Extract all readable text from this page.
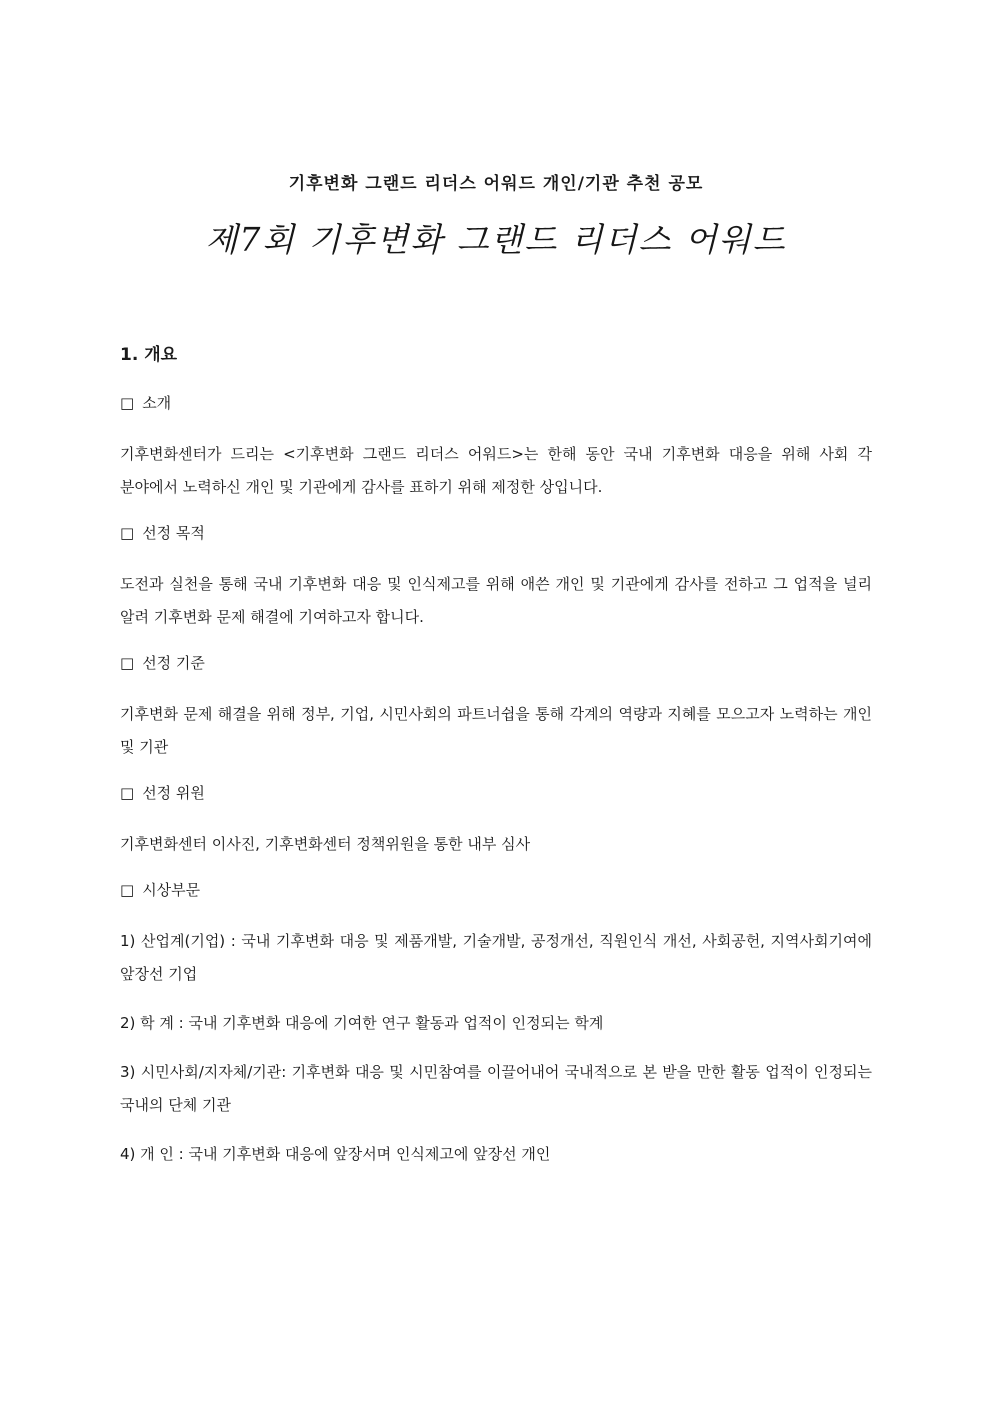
기후변화 그랜드 리더스 어워드 개인/기관 추천 공모
제7회 기후변화 그랜드 리더스 어워드
1. 개요
□ 소개

기후변화센터가 드리는 <기후변화 그랜드 리더스 어워드>는 한해 동안 국내 기후변화 대응을 위해 사회 각 분야에서 노력하신 개인 및 기관에게 감사를 표하기 위해 제정한 상입니다.

□ 선정 목적

도전과 실천을 통해 국내 기후변화 대응 및 인식제고를 위해 애쓴 개인 및 기관에게 감사를 전하고 그 업적을 널리 알려 기후변화 문제 해결에 기여하고자 합니다.

□ 선정 기준

기후변화 문제 해결을 위해 정부, 기업, 시민사회의 파트너쉽을 통해 각계의 역량과 지혜를 모으고자 노력하는 개인 및 기관

□ 선정 위원

기후변화센터 이사진, 기후변화센터 정책위원을 통한 내부 심사

□ 시상부문

1) 산업계(기업) : 국내 기후변화 대응 및 제품개발, 기술개발, 공정개선, 직원인식 개선, 사회공헌, 지역사회기여에 앞장선 기업

2) 학 계 : 국내 기후변화 대응에 기여한 연구 활동과 업적이 인정되는 학계

3) 시민사회/지자체/기관: 기후변화 대응 및 시민참여를 이끌어내어 국내적으로 본 받을 만한 활동 업적이 인정되는 국내의 단체 기관

4) 개 인 : 국내 기후변화 대응에 앞장서며 인식제고에 앞장선 개인
